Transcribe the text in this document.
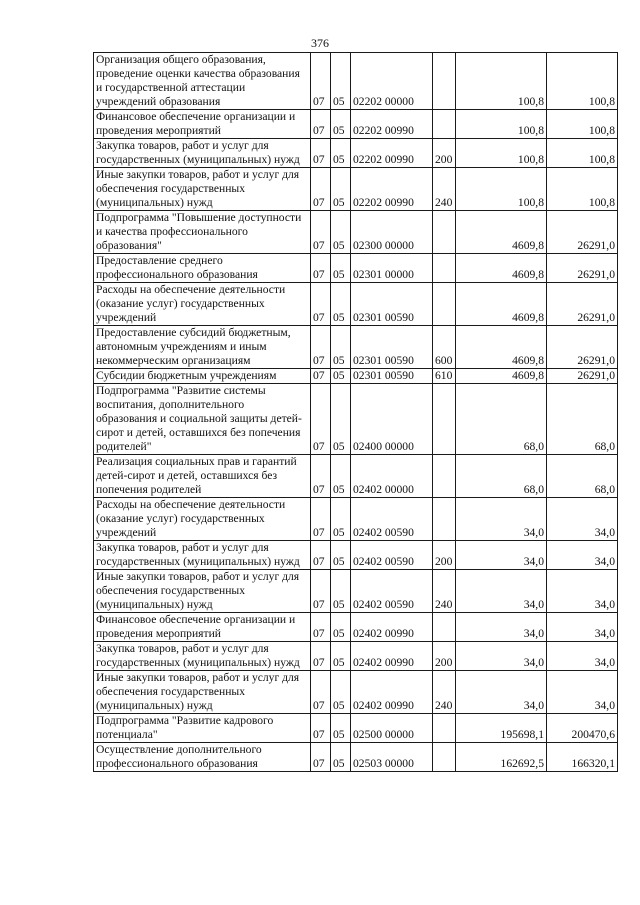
376
Организация общего образования, проведение оценки качества образования и государственной аттестации учреждений образования	07	05	02202 00000		100,8	100,8
Финансовое обеспечение организации и проведения мероприятий	07	05	02202 00990		100,8	100,8
Закупка товаров, работ и услуг для государственных (муниципальных) нужд	07	05	02202 00990	200	100,8	100,8
Иные закупки товаров, работ и услуг для обеспечения государственных (муниципальных) нужд	07	05	02202 00990	240	100,8	100,8
Подпрограмма "Повышение доступности и качества профессионального образования"	07	05	02300 00000		4609,8	26291,0
Предоставление среднего профессионального образования	07	05	02301 00000		4609,8	26291,0
Расходы на обеспечение деятельности (оказание услуг) государственных учреждений	07	05	02301 00590		4609,8	26291,0
Предоставление субсидий бюджетным, автономным учреждениям и иным некоммерческим организациям	07	05	02301 00590	600	4609,8	26291,0
Субсидии бюджетным учреждениям	07	05	02301 00590	610	4609,8	26291,0
Подпрограмма "Развитие системы воспитания, дополнительного образования и социальной защиты детей-сирот и детей, оставшихся без попечения родителей"	07	05	02400 00000		68,0	68,0
Реализация социальных прав и гарантий детей-сирот и детей, оставшихся без попечения родителей	07	05	02402 00000		68,0	68,0
Расходы на обеспечение деятельности (оказание услуг) государственных учреждений	07	05	02402 00590		34,0	34,0
Закупка товаров, работ и услуг для государственных (муниципальных) нужд	07	05	02402 00590	200	34,0	34,0
Иные закупки товаров, работ и услуг для обеспечения государственных (муниципальных) нужд	07	05	02402 00590	240	34,0	34,0
Финансовое обеспечение организации и проведения мероприятий	07	05	02402 00990		34,0	34,0
Закупка товаров, работ и услуг для государственных (муниципальных) нужд	07	05	02402 00990	200	34,0	34,0
Иные закупки товаров, работ и услуг для обеспечения государственных (муниципальных) нужд	07	05	02402 00990	240	34,0	34,0
Подпрограмма "Развитие кадрового потенциала"	07	05	02500 00000		195698,1	200470,6
Осуществление дополнительного профессионального образования	07	05	02503 00000		162692,5	166320,1
